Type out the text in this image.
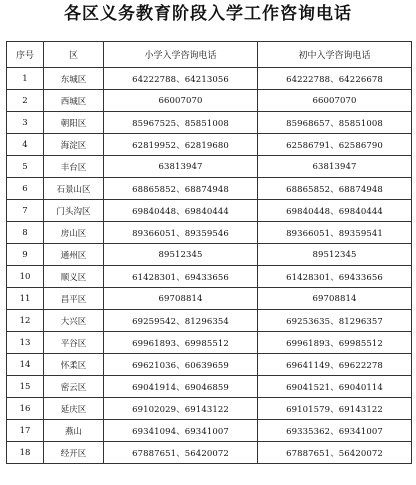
各区义务教育阶段入学工作咨询电话
序号	区	小学入学咨询电话	初中入学咨询电话
1	东城区	64222788、64213056	64222788、64226678
2	西城区	66007070	66007070
3	朝阳区	85967525、85851008	85968657、85851008
4	海淀区	62819952、62819680	62586791、62586790
5	丰台区	63813947	63813947
6	石景山区	68865852、68874948	68865852、68874948
7	门头沟区	69840448、69840444	69840448、69840444
8	房山区	89366051、89359546	89366051、89359541
9	通州区	89512345	89512345
10	顺义区	61428301、69433656	61428301、69433656
11	昌平区	69708814	69708814
12	大兴区	69259542、81296354	69253635、81296357
13	平谷区	69961893、69985512	69961893、69985512
14	怀柔区	69621036、60639659	69641149、69622278
15	密云区	69041914、69046859	69041521、69040114
16	延庆区	69102029、69143122	69101579、69143122
17	燕山	69341094、69341007	69335362、69341007
18	经开区	67887651、56420072	67887651、56420072
